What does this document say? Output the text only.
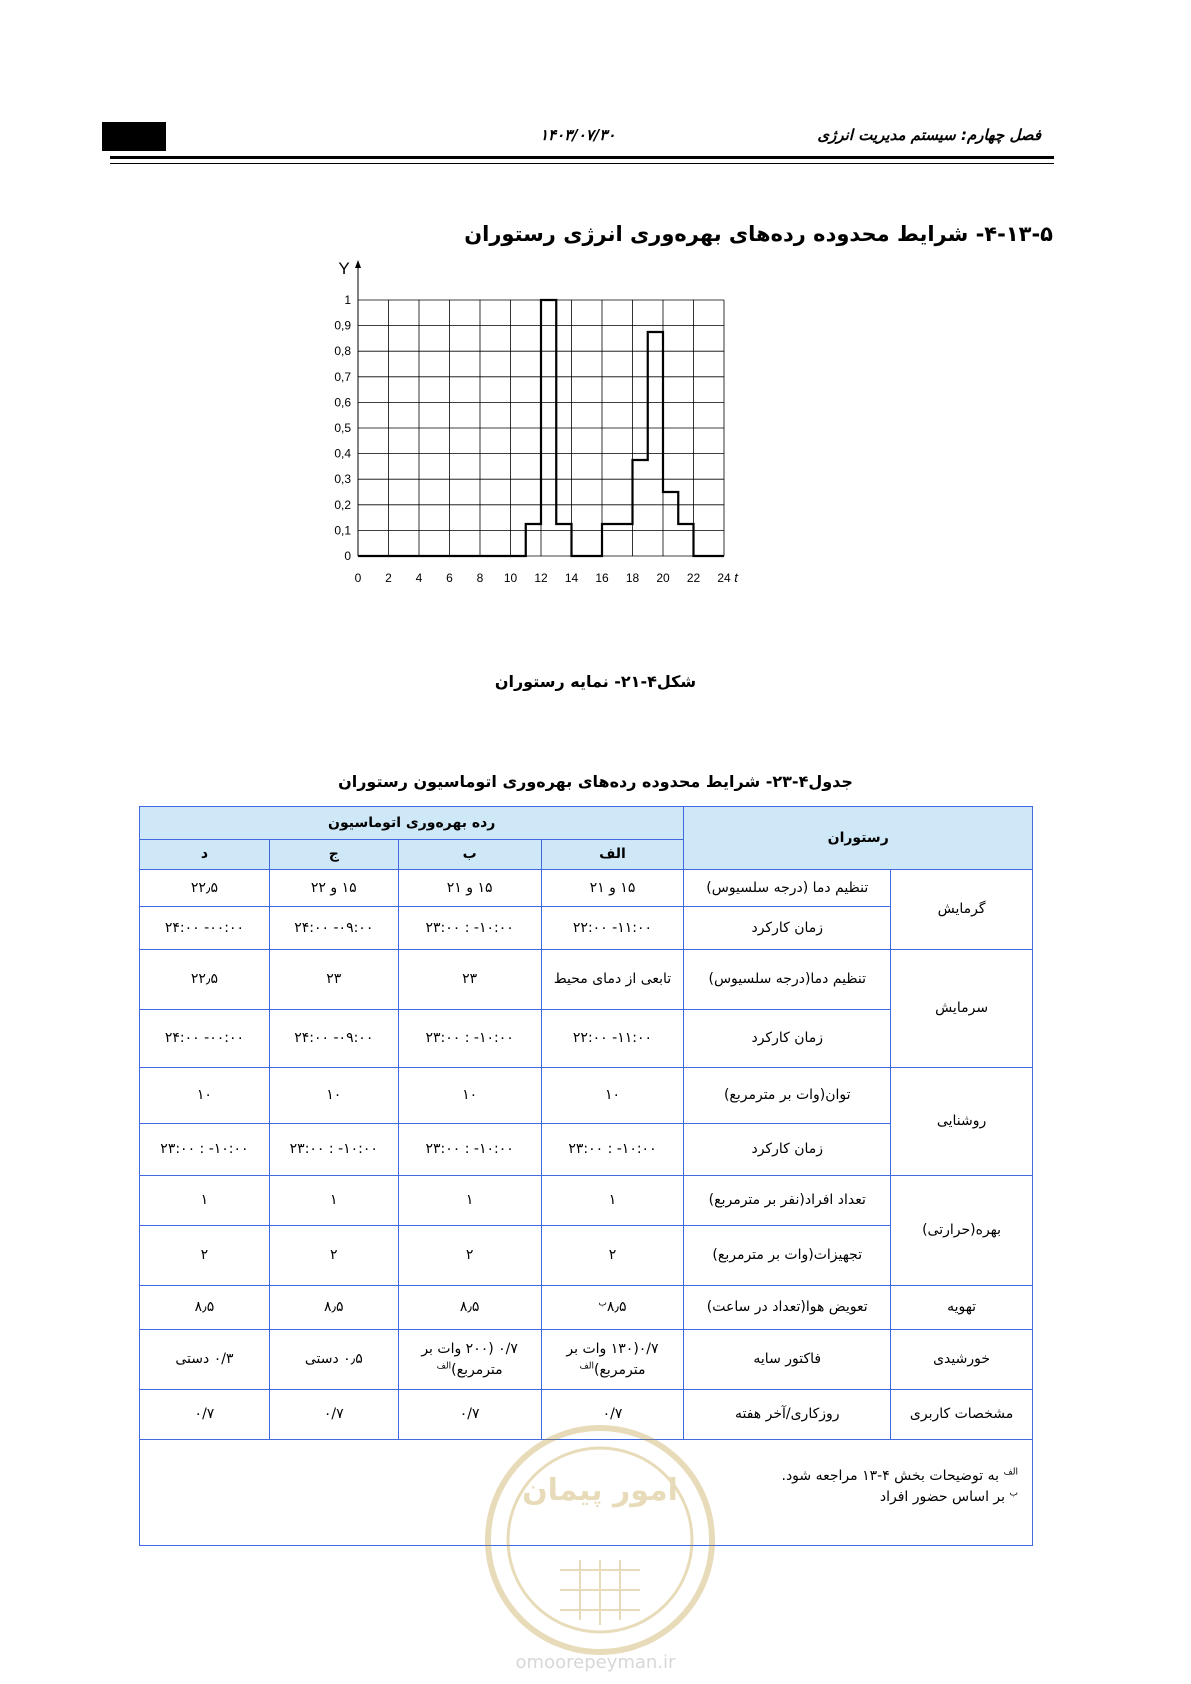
۱۴۰۳/۰۷/۳۰	فصل چهارم: سیستم مدیریت انرژی
۴-۱۳-۵- شرایط محدوده رده‌های بهره‌وری انرژی رستوران
Y
0
0,1
0,2
0,3
0,4
0,5
0,6
0,7
0,8
0,9
1
0 2 4 6 8 10 12 14 16 18 20 22 24 t
شکل۴-۲۱- نمایه رستوران
جدول۴-۲۳- شرایط محدوده رده‌های بهره‌وری اتوماسیون رستوران
رستوران		رده بهره‌وری اتوماسیون			
		الف	ب	ج	د
گرمایش	تنظیم دما (درجه سلسیوس)	۱۵ و ۲۱	۱۵ و ۲۱	۱۵ و ۲۲	۲۲٫۵
	زمان کارکرد	۱۱:۰۰- ۲۲:۰۰	۱۰:۰۰- : ۲۳:۰۰	۰۹:۰۰- ۲۴:۰۰	۰۰:۰۰- ۲۴:۰۰
سرمایش	تنظیم دما(درجه سلسیوس)	تابعی از دمای محیط	۲۳	۲۳	۲۲٫۵
	زمان کارکرد	۱۱:۰۰- ۲۲:۰۰	۱۰:۰۰- : ۲۳:۰۰	۰۹:۰۰- ۲۴:۰۰	۰۰:۰۰- ۲۴:۰۰
روشنایی	توان(وات بر مترمربع)	۱۰	۱۰	۱۰	۱۰
	زمان کارکرد	۱۰:۰۰- : ۲۳:۰۰	۱۰:۰۰- : ۲۳:۰۰	۱۰:۰۰- : ۲۳:۰۰	۱۰:۰۰- : ۲۳:۰۰
بهره(حرارتی)	تعداد افراد(نفر بر مترمربع)	۱	۱	۱	۱
	تجهیزات(وات بر مترمربع)	۲	۲	۲	۲
تهویه	تعویض هوا(تعداد در ساعت)	$۸٫۵^ب$	۸٫۵	۸٫۵	۸٫۵
خورشیدی	فاکتور سایه	۰/۷(۱۳۰ وات بر مترمربع)$^{الف}$	۰/۷ (۲۰۰ وات بر مترمربع)$^{الف}$	۰٫۵ دستی	۰/۳ دستی
مشخصات کاربری	روزکاری/آخر هفته	۰/۷	۰/۷	۰/۷	۰/۷

$^{الف}$ به توضیحات بخش ۴-۱۳ مراجعه شود.
$^ب$ بر اساس حضور افراد					
امور پیمان
omoorepeyman.ir
